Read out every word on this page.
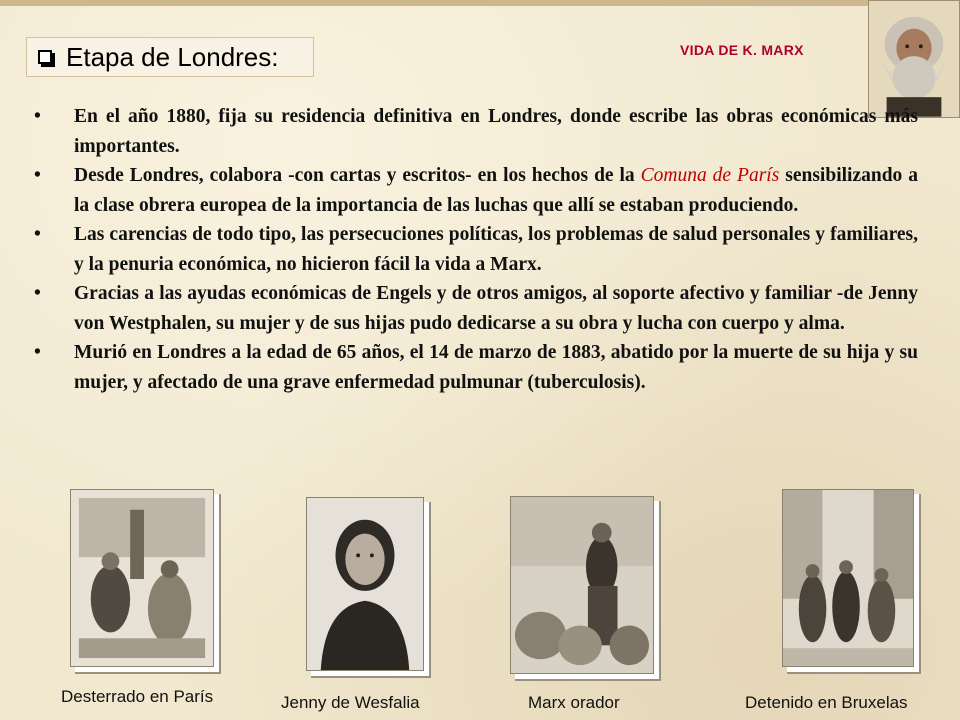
Etapa de Londres :	VIDA DE K. MARX
• En el año 1880, fija su residencia definitiva en Londres, donde escribe las obras económicas más importantes.
• Desde Londres, colabora -con cartas y escritos- en los hechos de la Comuna de París sensibilizando a la clase obrera europea de la importancia de las luchas que allí se estaban produciendo.
• Las carencias de todo tipo, las persecuciones políticas, los problemas de salud personales y familiares, y la penuria económica, no hicieron fácil la vida a Marx.
• Gracias a las ayudas económicas de Engels y de otros amigos, al soporte afectivo y familiar -de Jenny von Westphalen, su mujer y de sus hijas pudo dedicarse a su obra y lucha con cuerpo y alma.
• Murió en Londres a la edad de 65 años, el 14 de marzo de 1883, abatido por la muerte de su hija y su mujer, y afectado de una grave enfermedad pulmunar (tuberculosis).
Desterrado en París	Jenny de Wesfalia	Marx orador	Detenido en Bruxelas
